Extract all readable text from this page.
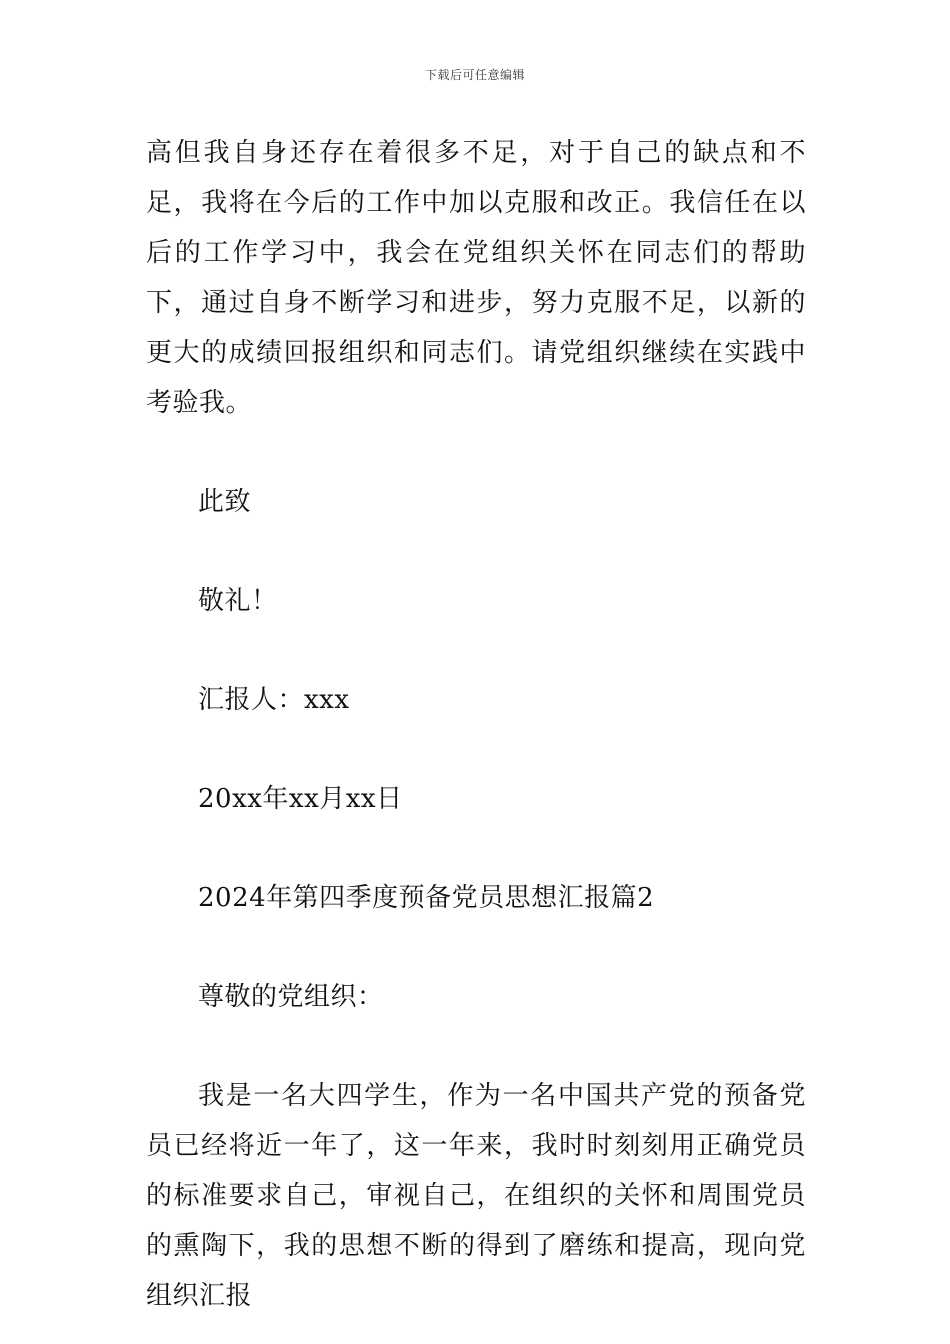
下载后可任意编辑

高但我自身还存在着很多不足，对于自己的缺点和不足，我将在今后的工作中加以克服和改正。我信任在以后的工作学习中，我会在党组织关怀在同志们的帮助下，通过自身不断学习和进步，努力克服不足，以新的更大的成绩回报组织和同志们。请党组织继续在实践中考验我。

此致

敬礼！

汇报人：xxx

20xx年xx月xx日

2024年第四季度预备党员思想汇报篇2

尊敬的党组织：

我是一名大四学生，作为一名中国共产党的预备党员已经将近一年了，这一年来，我时时刻刻用正确党员的标准要求自己，审视自己，在组织的关怀和周围党员的熏陶下，我的思想不断的得到了磨练和提高，现向党组织汇报
